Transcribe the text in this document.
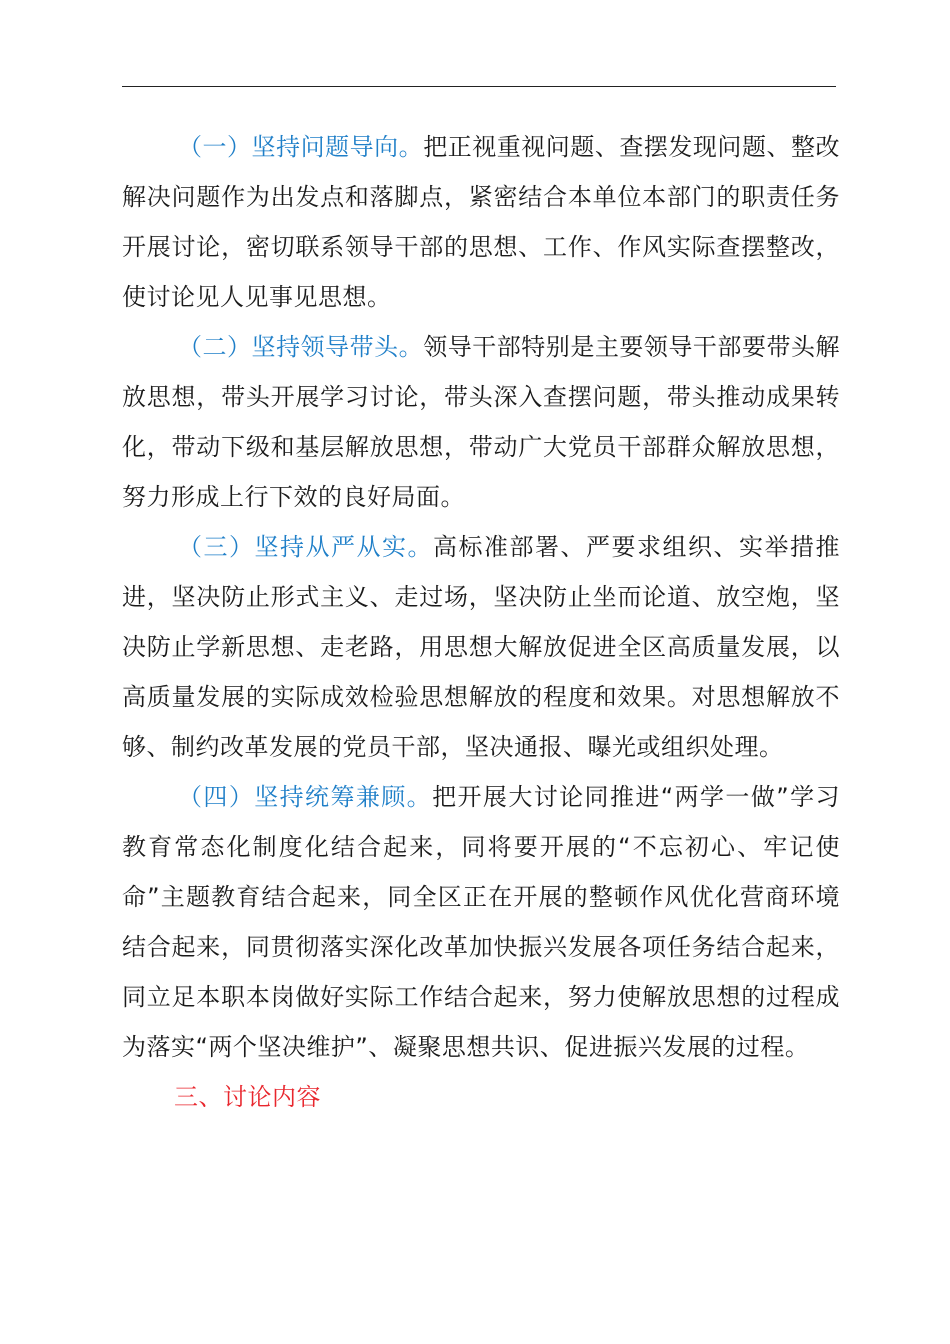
（一）坚持问题导向。把正视重视问题、查摆发现问题、整改解决问题作为出发点和落脚点，紧密结合本单位本部门的职责任务开展讨论，密切联系领导干部的思想、工作、作风实际查摆整改，使讨论见人见事见思想。

（二）坚持领导带头。领导干部特别是主要领导干部要带头解放思想，带头开展学习讨论，带头深入查摆问题，带头推动成果转化，带动下级和基层解放思想，带动广大党员干部群众解放思想，努力形成上行下效的良好局面。

（三）坚持从严从实。高标准部署、严要求组织、实举措推进，坚决防止形式主义、走过场，坚决防止坐而论道、放空炮，坚决防止学新思想、走老路，用思想大解放促进全区高质量发展，以高质量发展的实际成效检验思想解放的程度和效果。对思想解放不够、制约改革发展的党员干部，坚决通报、曝光或组织处理。

（四）坚持统筹兼顾。把开展大讨论同推进“两学一做”学习教育常态化制度化结合起来，同将要开展的“不忘初心、牢记使命”主题教育结合起来，同全区正在开展的整顿作风优化营商环境结合起来，同贯彻落实深化改革加快振兴发展各项任务结合起来，同立足本职本岗做好实际工作结合起来，努力使解放思想的过程成为落实“两个坚决维护”、凝聚思想共识、促进振兴发展的过程。

三、讨论内容
